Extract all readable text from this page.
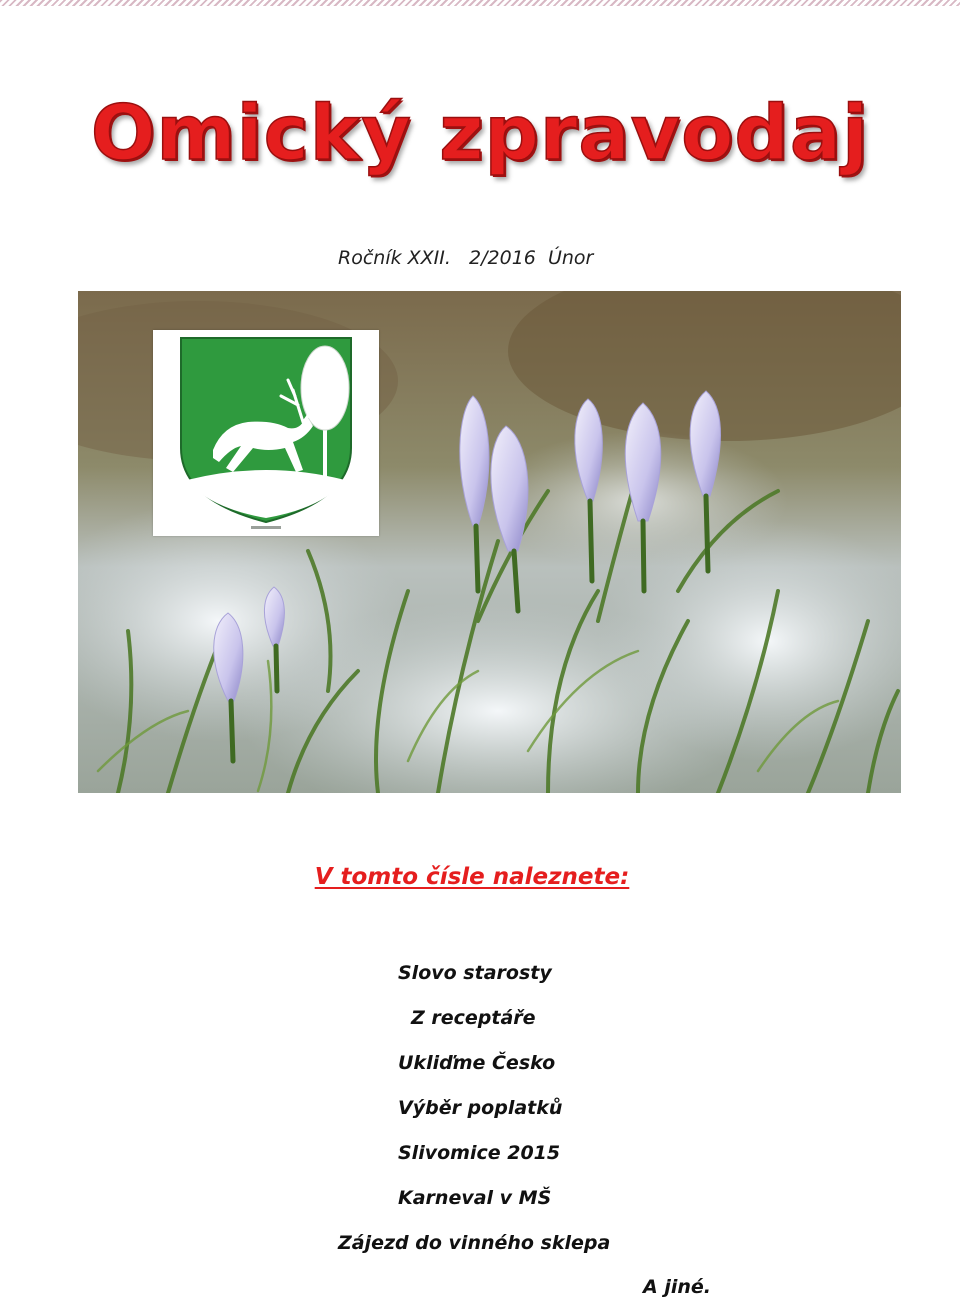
Omický zpravodaj
Ročník XXII.   2/2016  Únor
V tomto čísle naleznete:
Slovo starosty
Z receptáře
Ukliďme Česko
Výběr poplatků
Slivomice 2015
Karneval v MŠ
Zájezd do vinného sklepa
A jiné.
